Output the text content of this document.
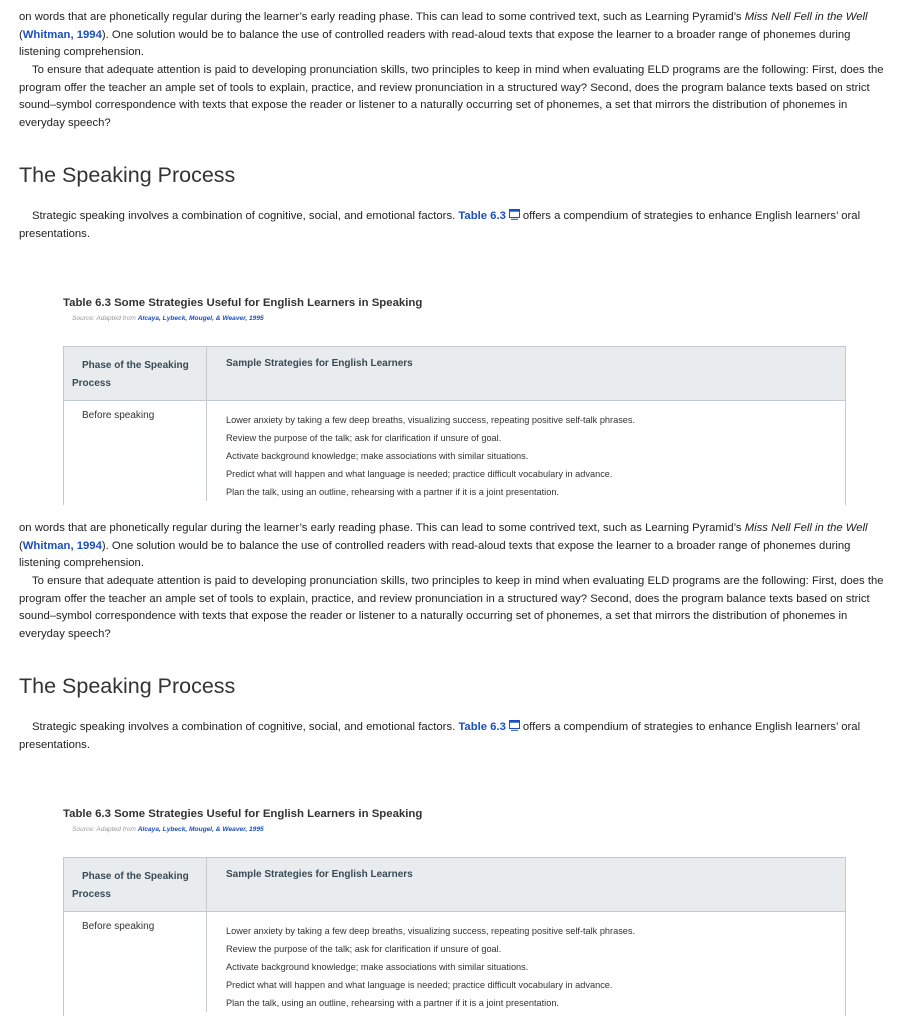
on words that are phonetically regular during the learner’s early reading phase. This can lead to some contrived text, such as Learning Pyramid’s Miss Nell Fell in the Well (Whitman, 1994). One solution would be to balance the use of controlled readers with read-aloud texts that expose the learner to a broader range of phonemes during listening comprehension.

To ensure that adequate attention is paid to developing pronunciation skills, two principles to keep in mind when evaluating ELD programs are the following: First, does the program offer the teacher an ample set of tools to explain, practice, and review pronunciation in a structured way? Second, does the program balance texts based on strict sound–symbol correspondence with texts that expose the reader or listener to a naturally occurring set of phonemes, a set that mirrors the distribution of phonemes in everyday speech?

The Speaking Process

Strategic speaking involves a combination of cognitive, social, and emotional factors. Table 6.3 offers a compendium of strategies to enhance English learners’ oral presentations.

Table 6.3 Some Strategies Useful for English Learners in Speaking
Source: Adapted from Alcaya, Lybeck, Mougel, & Weaver, 1995
Phase of the Speaking
Process
Sample Strategies for English Learners
Before speaking	Lower anxiety by taking a few deep breaths, visualizing success, repeating positive self-talk phrases.
Review the purpose of the talk; ask for clarification if unsure of goal.
Activate background knowledge; make associations with similar situations.
Predict what will happen and what language is needed; practice difficult vocabulary in advance.
Plan the talk, using an outline, rehearsing with a partner if it is a joint presentation.

on words that are phonetically regular during the learner’s early reading phase. This can lead to some contrived text, such as Learning Pyramid’s Miss Nell Fell in the Well (Whitman, 1994). One solution would be to balance the use of controlled readers with read-aloud texts that expose the learner to a broader range of phonemes during listening comprehension.

To ensure that adequate attention is paid to developing pronunciation skills, two principles to keep in mind when evaluating ELD programs are the following: First, does the program offer the teacher an ample set of tools to explain, practice, and review pronunciation in a structured way? Second, does the program balance texts based on strict sound–symbol correspondence with texts that expose the reader or listener to a naturally occurring set of phonemes, a set that mirrors the distribution of phonemes in everyday speech?

The Speaking Process

Strategic speaking involves a combination of cognitive, social, and emotional factors. Table 6.3 offers a compendium of strategies to enhance English learners’ oral presentations.

Table 6.3 Some Strategies Useful for English Learners in Speaking
Source: Adapted from Alcaya, Lybeck, Mougel, & Weaver, 1995
Phase of the Speaking
Process
Sample Strategies for English Learners
Before speaking	Lower anxiety by taking a few deep breaths, visualizing success, repeating positive self-talk phrases.
Review the purpose of the talk; ask for clarification if unsure of goal.
Activate background knowledge; make associations with similar situations.
Predict what will happen and what language is needed; practice difficult vocabulary in advance.
Plan the talk, using an outline, rehearsing with a partner if it is a joint presentation.
